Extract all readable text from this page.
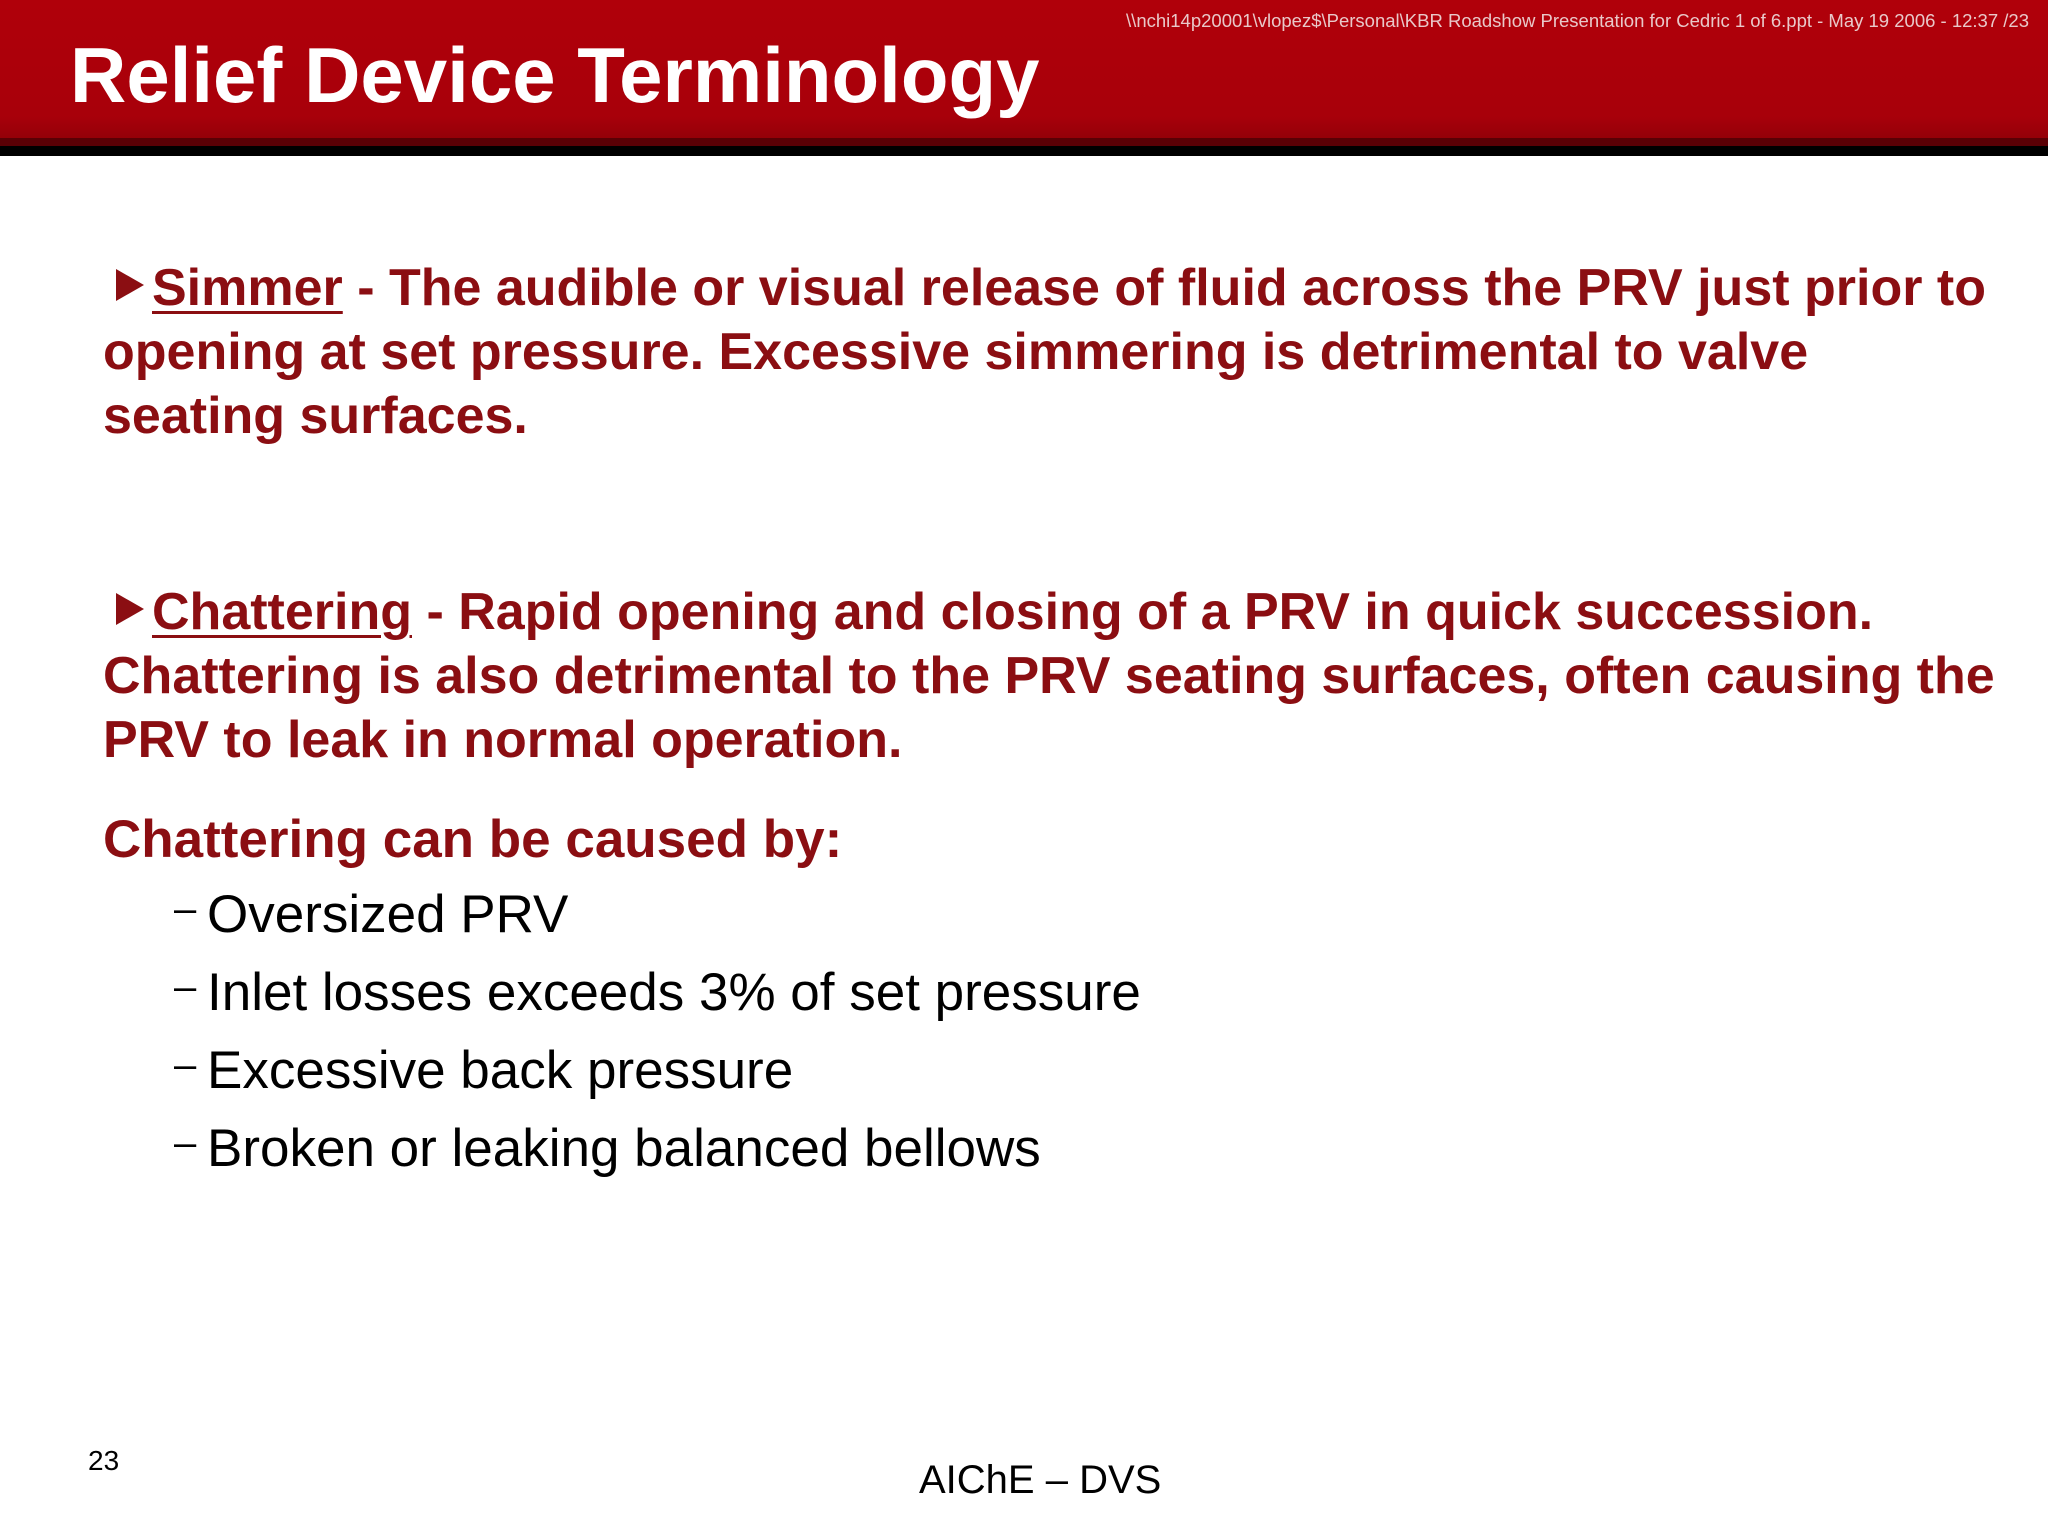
\\nchi14p20001\vlopez$\Personal\KBR Roadshow Presentation for Cedric 1 of 6.ppt - May 19 2006 - 12:37 /23
Relief Device Terminology
Simmer - The audible or visual release of fluid across the PRV just prior to opening at set pressure. Excessive simmering is detrimental to valve seating surfaces.
Chattering - Rapid opening and closing of a PRV in quick succession. Chattering is also detrimental to the PRV seating surfaces, often causing the PRV to leak in normal operation.
Chattering can be caused by:
– Oversized PRV
– Inlet losses exceeds 3% of set pressure
– Excessive back pressure
– Broken or leaking balanced bellows
23	AIChE – DVS
